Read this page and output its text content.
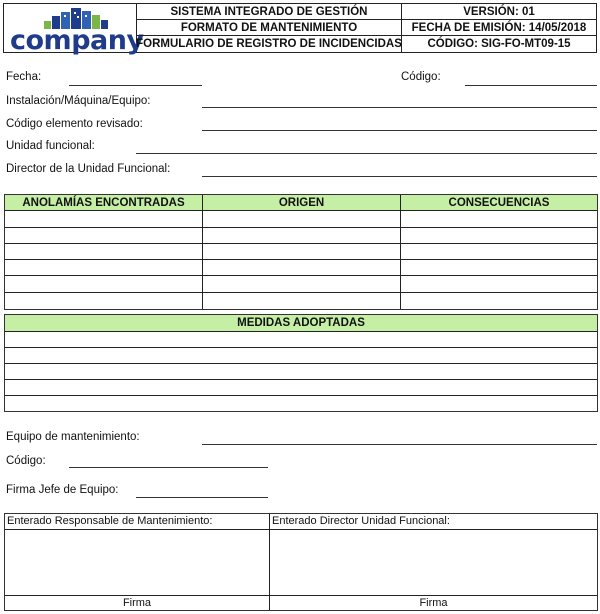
company
SISTEMA INTEGRADO DE GESTIÓN	VERSIÓN: 01
FORMATO DE MANTENIMIENTO	FECHA DE EMISIÓN: 14/05/2018
FORMULARIO DE REGISTRO DE INCIDENCIDAS	CÓDIGO: SIG-FO-MT09-15
Fecha:	Código:
Instalación/Máquina/Equipo:
Código elemento revisado:
Unidad funcional:
Director de la Unidad Funcional:
ANOLAMÍAS ENCONTRADAS	ORIGEN	CONSECUENCIAS
MEDIDAS ADOPTADAS
Equipo de mantenimiento:
Código:
Firma Jefe de Equipo:
Enterado Responsable de Mantenimiento:	Enterado Director Unidad Funcional:
Firma	Firma
